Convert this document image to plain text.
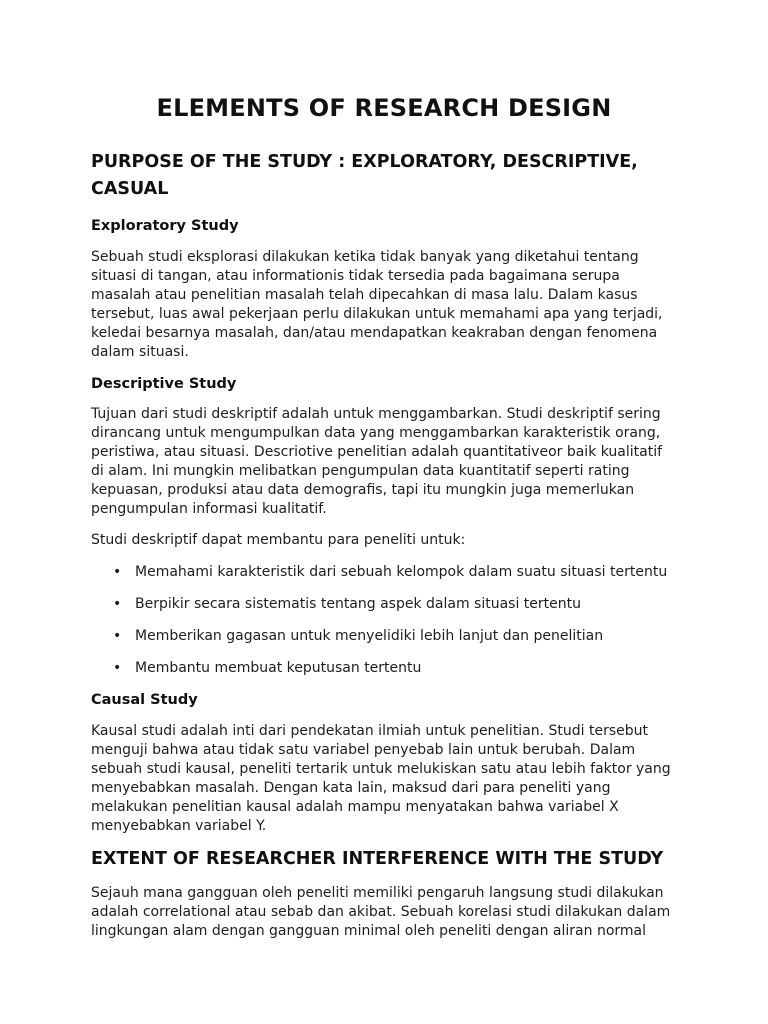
ELEMENTS OF RESEARCH DESIGN
PURPOSE OF THE STUDY : EXPLORATORY, DESCRIPTIVE, CASUAL
Exploratory Study

Sebuah studi eksplorasi dilakukan ketika tidak banyak yang diketahui tentang situasi di tangan, atau informationis tidak tersedia pada bagaimana serupa masalah atau penelitian masalah telah dipecahkan di masa lalu. Dalam kasus tersebut, luas awal pekerjaan perlu dilakukan untuk memahami apa yang terjadi, keledai besarnya masalah, dan/atau mendapatkan keakraban dengan fenomena dalam situasi.

Descriptive Study

Tujuan dari studi deskriptif adalah untuk menggambarkan. Studi deskriptif sering dirancang untuk mengumpulkan data yang menggambarkan karakteristik orang, peristiwa, atau situasi. Descriotive penelitian adalah quantitativeor baik kualitatif di alam. Ini mungkin melibatkan pengumpulan data kuantitatif seperti rating kepuasan, produksi atau data demografis, tapi itu mungkin juga memerlukan pengumpulan informasi kualitatif.

Studi deskriptif dapat membantu para peneliti untuk:

• Memahami karakteristik dari sebuah kelompok dalam suatu situasi tertentu
• Berpikir secara sistematis tentang aspek dalam situasi tertentu
• Memberikan gagasan untuk menyelidiki lebih lanjut dan penelitian
• Membantu membuat keputusan tertentu
Causal Study

Kausal studi adalah inti dari pendekatan ilmiah untuk penelitian. Studi tersebut menguji bahwa atau tidak satu variabel penyebab lain untuk berubah. Dalam sebuah studi kausal, peneliti tertarik untuk melukiskan satu atau lebih faktor yang menyebabkan masalah. Dengan kata lain, maksud dari para peneliti yang melakukan penelitian kausal adalah mampu menyatakan bahwa variabel X menyebabkan variabel Y.

EXTENT OF RESEARCHER INTERFERENCE WITH THE STUDY

Sejauh mana gangguan oleh peneliti memiliki pengaruh langsung studi dilakukan adalah correlational atau sebab dan akibat. Sebuah korelasi studi dilakukan dalam lingkungan alam dengan gangguan minimal oleh peneliti dengan aliran normal
